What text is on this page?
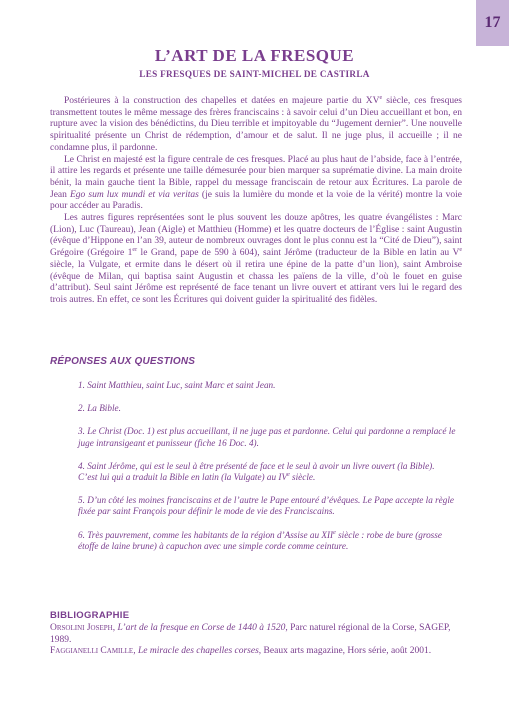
17
L’ART DE LA FRESQUE
LES FRESQUES DE SAINT-MICHEL DE CASTIRLA

Postérieures à la construction des chapelles et datées en majeure partie du XVe siècle, ces fresques transmettent toutes le même message des frères franciscains : à savoir celui d’un Dieu accueillant et bon, en rupture avec la vision des bénédictins, du Dieu terrible et impitoyable du “Jugement dernier”. Une nouvelle spiritualité présente un Christ de rédemption, d’amour et de salut. Il ne juge plus, il accueille ; il ne condamne plus, il pardonne.

Le Christ en majesté est la figure centrale de ces fresques. Placé au plus haut de l’abside, face à l’entrée, il attire les regards et présente une taille démesurée pour bien marquer sa suprématie divine. La main droite bénit, la main gauche tient la Bible, rappel du message franciscain de retour aux Écritures. La parole de Jean Ego sum lux mundi et via veritas (je suis la lumière du monde et la voie de la vérité) montre la voie pour accéder au Paradis.

Les autres figures représentées sont le plus souvent les douze apôtres, les quatre évangélistes : Marc (Lion), Luc (Taureau), Jean (Aigle) et Matthieu (Homme) et les quatre docteurs de l’Église : saint Augustin (évêque d’Hippone en l’an 39, auteur de nombreux ouvrages dont le plus connu est la “Cité de Dieu”), saint Grégoire (Grégoire 1er le Grand, pape de 590 à 604), saint Jérôme (traducteur de la Bible en latin au Ve siècle, la Vulgate, et ermite dans le désert où il retira une épine de la patte d’un lion), saint Ambroise (évêque de Milan, qui baptisa saint Augustin et chassa les païens de la ville, d’où le fouet en guise d’attribut). Seul saint Jérôme est représenté de face tenant un livre ouvert et attirant vers lui le regard des trois autres. En effet, ce sont les Écritures qui doivent guider la spiritualité des fidèles.

RÉPONSES AUX QUESTIONS
1. Saint Matthieu, saint Luc, saint Marc et saint Jean.
2. La Bible.
3. Le Christ (Doc. 1) est plus accueillant, il ne juge pas et pardonne. Celui qui pardonne a remplacé le juge intransigeant et punisseur (fiche 16 Doc. 4).
4. Saint Jérôme, qui est le seul à être présenté de face et le seul à avoir un livre ouvert (la Bible). C’est lui qui a traduit la Bible en latin (la Vulgate) au IVe siècle.
5. D’un côté les moines franciscains et de l’autre le Pape entouré d’évêques. Le Pape accepte la règle fixée par saint François pour définir le mode de vie des Franciscains.
6. Très pauvrement, comme les habitants de la région d’Assise au XIIe siècle : robe de bure (grosse étoffe de laine brune) à capuchon avec une simple corde comme ceinture.
BIBLIOGRAPHIE

Orsolini Joseph, L’art de la fresque en Corse de 1440 à 1520, Parc naturel régional de la Corse, SAGEP, 1989.

Faggianelli Camille, Le miracle des chapelles corses, Beaux arts magazine, Hors série, août 2001.
